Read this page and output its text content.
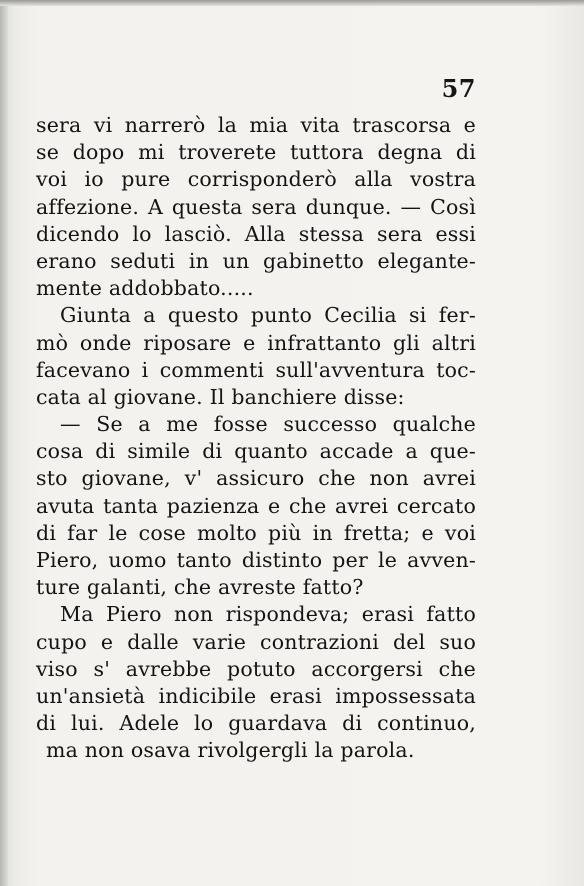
57
sera vi narrerò la mia vita trascorsa e
se dopo mi troverete tuttora degna di
voi io pure corrisponderò alla vostra
affezione. A questa sera dunque. — Così
dicendo lo lasciò. Alla stessa sera essi
erano seduti in un gabinetto elegante-
mente addobbato.....
Giunta a questo punto Cecilia si fer-
mò onde riposare e infrattanto gli altri
facevano i commenti sull'avventura toc-
cata al giovane. Il banchiere disse:
— Se a me fosse successo qualche
cosa di simile di quanto accade a que-
sto giovane, v' assicuro che non avrei
avuta tanta pazienza e che avrei cercato
di far le cose molto più in fretta; e voi
Piero, uomo tanto distinto per le avven-
ture galanti, che avreste fatto?
Ma Piero non rispondeva; erasi fatto
cupo e dalle varie contrazioni del suo
viso s' avrebbe potuto accorgersi che
un'ansietà indicibile erasi impossessata
di lui. Adele lo guardava di continuo,
ma non osava rivolgergli la parola.
